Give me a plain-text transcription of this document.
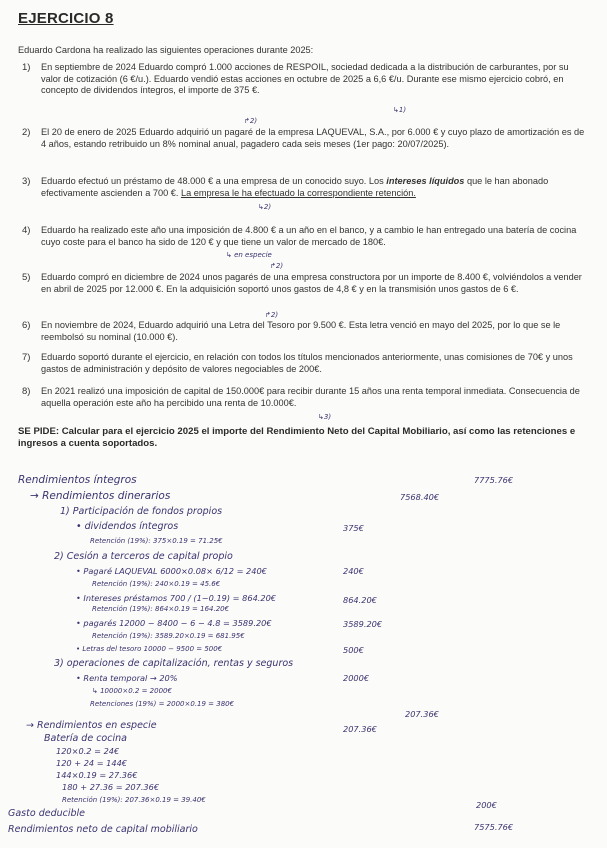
EJERCICIO 8
Eduardo Cardona ha realizado las siguientes operaciones durante 2025:
1)	En septiembre de 2024 Eduardo compró 1.000 acciones de RESPOIL, sociedad dedicada a la distribución de carburantes, por su valor de cotización (6 €/u.). Eduardo vendió estas acciones en octubre de 2025 a 6,6 €/u. Durante ese mismo ejercicio cobró, en concepto de dividendos íntegros, el importe de 375 €.
↳1)
↱2)
2)	El 20 de enero de 2025 Eduardo adquirió un pagaré de la empresa LAQUEVAL, S.A., por 6.000 € y cuyo plazo de amortización es de 4 años, estando retribuido un 8% nominal anual, pagadero cada seis meses (1er pago: 20/07/2025).
3)	Eduardo efectuó un préstamo de 48.000 € a una empresa de un conocido suyo. Los intereses líquidos que le han abonado efectivamente ascienden a 700 €. La empresa le ha efectuado la correspondiente retención.
↳2)
4)	Eduardo ha realizado este año una imposición de 4.800 € a un año en el banco, y a cambio le han entregado una batería de cocina cuyo coste para el banco ha sido de 120 € y que tiene un valor de mercado de 180€.
↳ en especie
↱2)
5)	Eduardo compró en diciembre de 2024 unos pagarés de una empresa constructora por un importe de 8.400 €, volviéndolos a vender en abril de 2025 por 12.000 €. En la adquisición soportó unos gastos de 4,8 € y en la transmisión unos gastos de 6 €.
↱2)
6)	En noviembre de 2024, Eduardo adquirió una Letra del Tesoro por 9.500 €. Esta letra venció en mayo del 2025, por lo que se le reembolsó su nominal (10.000 €).
7)	Eduardo soportó durante el ejercicio, en relación con todos los títulos mencionados anteriormente, unas comisiones de 70€ y unos gastos de administración y depósito de valores negociables de 200€.
8)	En 2021 realizó una imposición de capital de 150.000€ para recibir durante 15 años una renta temporal inmediata. Consecuencia de aquella operación este año ha percibido una renta de 10.000€.
↳3)
SE PIDE: Calcular para el ejercicio 2025 el importe del Rendimiento Neto del Capital Mobiliario, así como las retenciones e ingresos a cuenta soportados.
Rendimientos íntegros	7775.76€
→ Rendimientos dinerarios	7568.40€
1) Participación de fondos propios
• dividendos íntegros	375€
Retención (19%): 375×0.19 = 71.25€
2) Cesión a terceros de capital propio
• Pagaré LAQUEVAL 6000×0.08× 6/12 = 240€	240€
Retención (19%): 240×0.19 = 45.6€
• Intereses préstamos 700 / (1−0.19) = 864.20€	864.20€
Retención (19%): 864×0.19 = 164.20€
• pagarés 12000 − 8400 − 6 − 4.8 = 3589.20€	3589.20€
Retención (19%): 3589.20×0.19 = 681.95€
• Letras del tesoro 10000 − 9500 = 500€	500€
3) operaciones de capitalización, rentas y seguros
• Renta temporal → 20%	2000€
↳ 10000×0.2 = 2000€
Retenciones (19%) = 2000×0.19 = 380€
207.36€
→ Rendimientos en especie	207.36€
Batería de cocina
120×0.2 = 24€
120 + 24 = 144€
144×0.19 = 27.36€
180 + 27.36 = 207.36€
Retención (19%): 207.36×0.19 = 39.40€
Gasto deducible
200€
Rendimientos neto de capital mobiliario	7575.76€
